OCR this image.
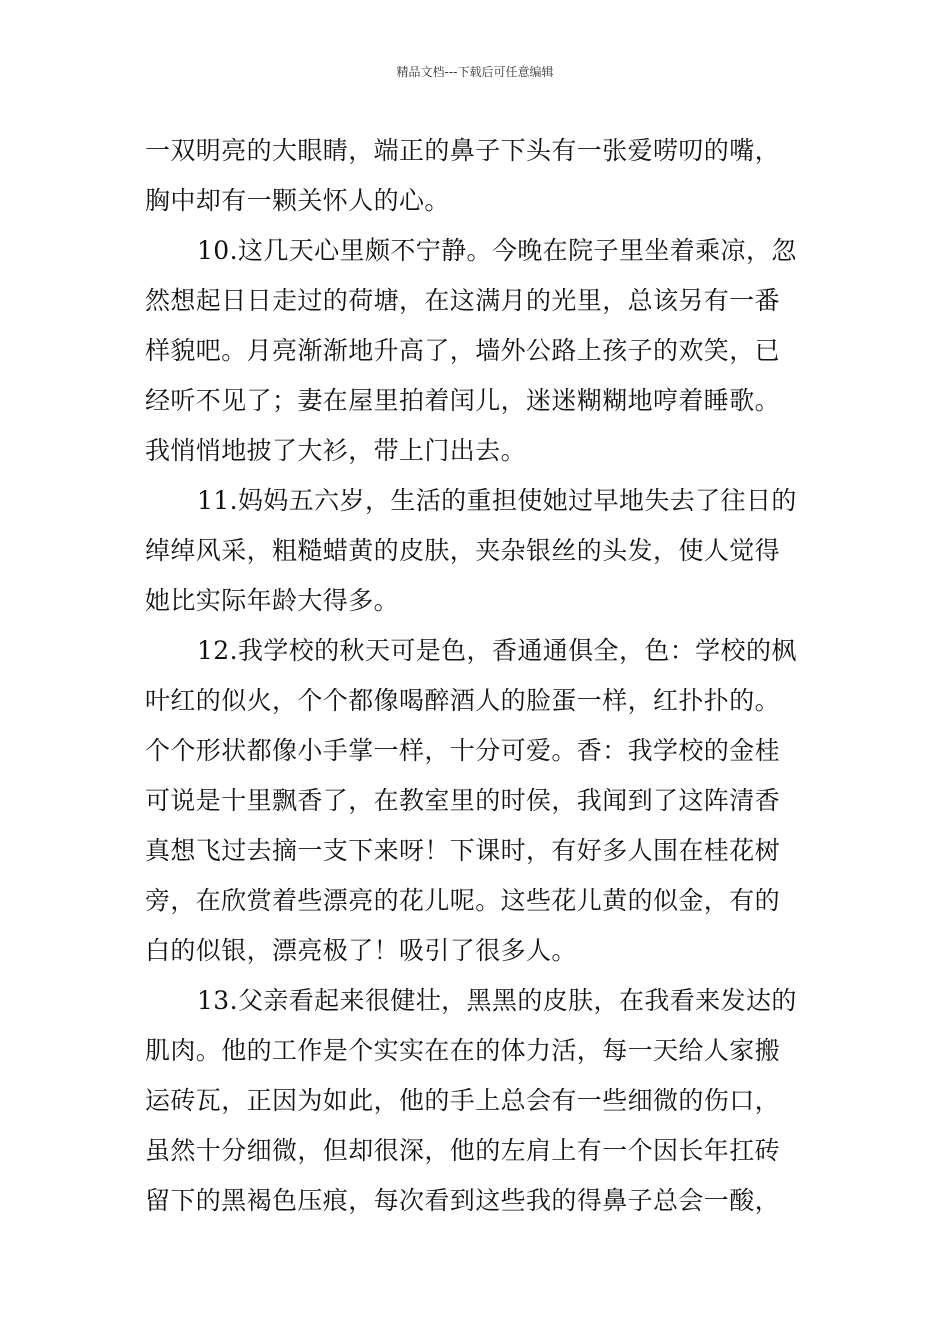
精品文档---下载后可任意编辑
一双明亮的大眼睛，端正的鼻子下头有一张爱唠叨的嘴，
胸中却有一颗关怀人的心。
10.这几天心里颇不宁静。今晚在院子里坐着乘凉，忽
然想起日日走过的荷塘，在这满月的光里，总该另有一番
样貌吧。月亮渐渐地升高了，墙外公路上孩子的欢笑，已
经听不见了；妻在屋里拍着闰儿，迷迷糊糊地哼着睡歌。
我悄悄地披了大衫，带上门出去。
11.妈妈五六岁，生活的重担使她过早地失去了往日的
绰绰风采，粗糙蜡黄的皮肤，夹杂银丝的头发，使人觉得
她比实际年龄大得多。
12.我学校的秋天可是色，香通通俱全，色：学校的枫
叶红的似火，个个都像喝醉酒人的脸蛋一样，红扑扑的。
个个形状都像小手掌一样，十分可爱。香：我学校的金桂
可说是十里飘香了，在教室里的时侯，我闻到了这阵清香
真想飞过去摘一支下来呀！下课时，有好多人围在桂花树
旁，在欣赏着些漂亮的花儿呢。这些花儿黄的似金，有的
白的似银，漂亮极了！吸引了很多人。
13.父亲看起来很健壮，黑黑的皮肤，在我看来发达的
肌肉。他的工作是个实实在在的体力活，每一天给人家搬
运砖瓦，正因为如此，他的手上总会有一些细微的伤口，
虽然十分细微，但却很深，他的左肩上有一个因长年扛砖
留下的黑褐色压痕，每次看到这些我的得鼻子总会一酸，
